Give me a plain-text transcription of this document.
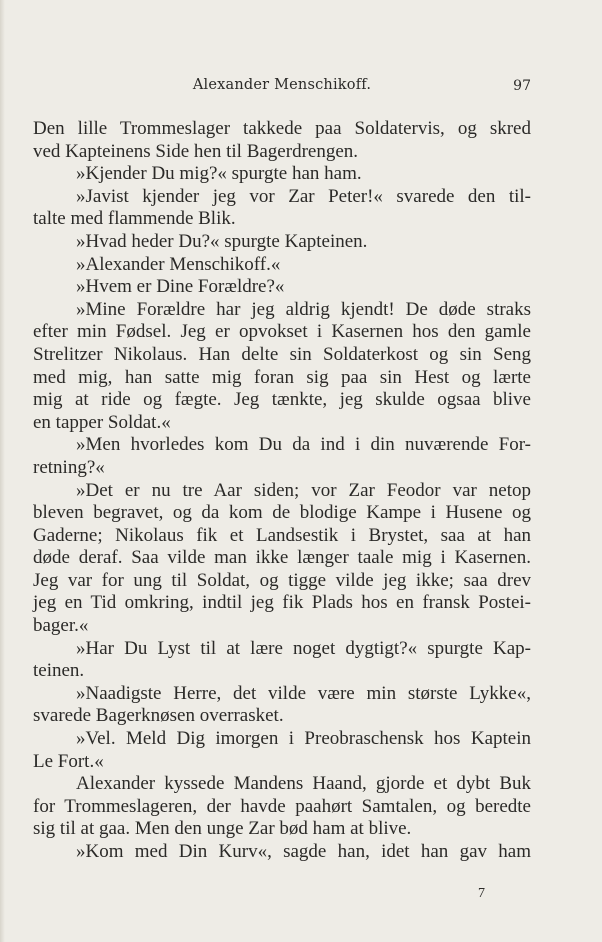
Alexander Menschikoff.	97
Den lille Trommeslager takkede paa Soldatervis, og skred
ved Kapteinens Side hen til Bagerdrengen.
»Kjender Du mig?« spurgte han ham.
»Javist kjender jeg vor Zar Peter!« svarede den til-
talte med flammende Blik.
»Hvad heder Du?« spurgte Kapteinen.
»Alexander Menschikoff.«
»Hvem er Dine Forældre?«
»Mine Forældre har jeg aldrig kjendt! De døde straks
efter min Fødsel. Jeg er opvokset i Kasernen hos den gamle
Strelitzer Nikolaus. Han delte sin Soldaterkost og sin Seng
med mig, han satte mig foran sig paa sin Hest og lærte
mig at ride og fægte. Jeg tænkte, jeg skulde ogsaa blive
en tapper Soldat.«
»Men hvorledes kom Du da ind i din nuværende For-
retning?«
»Det er nu tre Aar siden; vor Zar Feodor var netop
bleven begravet, og da kom de blodige Kampe i Husene og
Gaderne; Nikolaus fik et Landsestik i Brystet, saa at han
døde deraf. Saa vilde man ikke længer taale mig i Kasernen.
Jeg var for ung til Soldat, og tigge vilde jeg ikke; saa drev
jeg en Tid omkring, indtil jeg fik Plads hos en fransk Postei-
bager.«
»Har Du Lyst til at lære noget dygtigt?« spurgte Kap-
teinen.
»Naadigste Herre, det vilde være min største Lykke«,
svarede Bagerknøsen overrasket.
»Vel. Meld Dig imorgen i Preobraschensk hos Kaptein
Le Fort.«
Alexander kyssede Mandens Haand, gjorde et dybt Buk
for Trommeslageren, der havde paahørt Samtalen, og beredte
sig til at gaa. Men den unge Zar bød ham at blive.
»Kom med Din Kurv«, sagde han, idet han gav ham
7
